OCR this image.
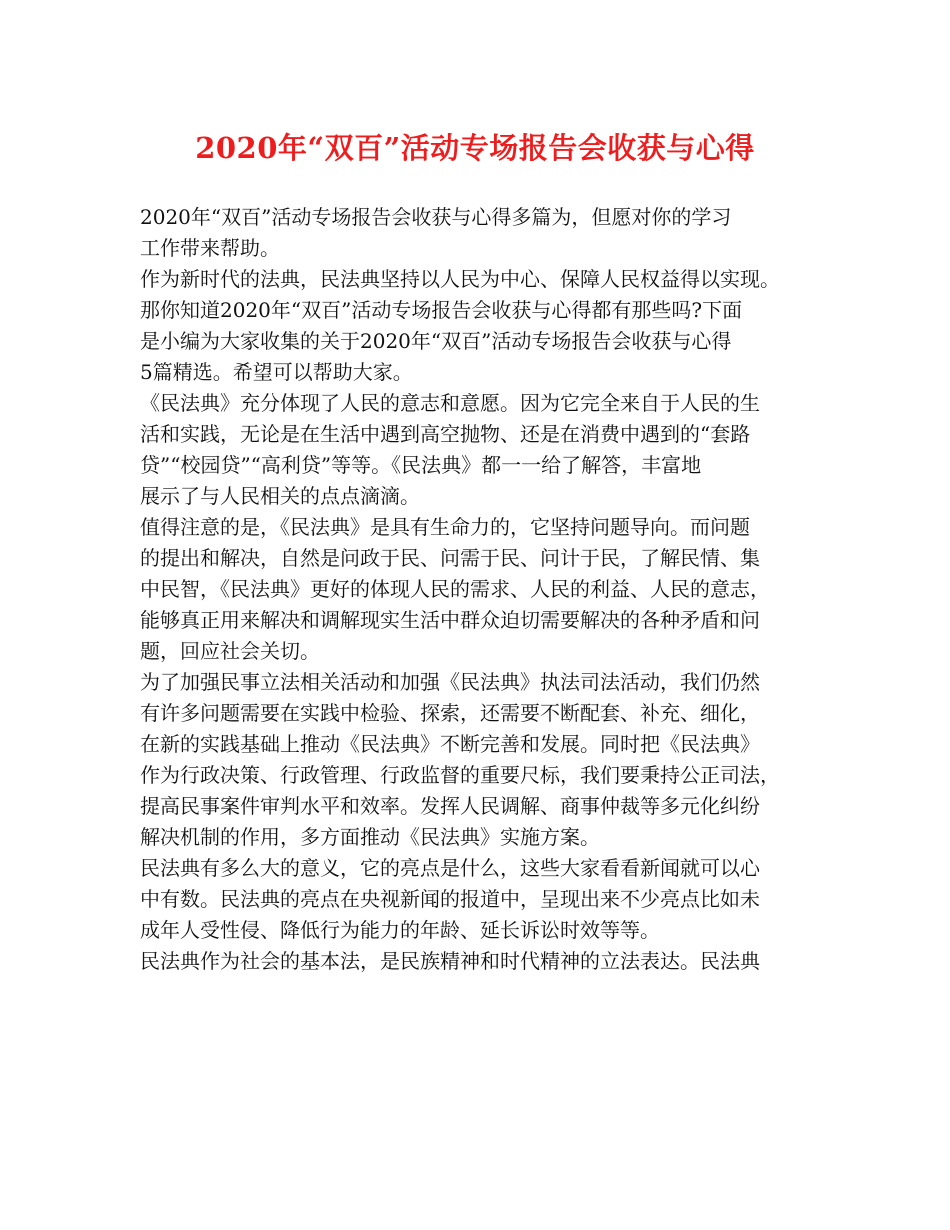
2020年“双百”活动专场报告会收获与心得
2020年“双百”活动专场报告会收获与心得多篇为，但愿对你的学习
工作带来帮助。
作为新时代的法典，民法典坚持以人民为中心、保障人民权益得以实现。
那你知道2020年“双百”活动专场报告会收获与心得都有那些吗?下面
是小编为大家收集的关于2020年“双百”活动专场报告会收获与心得
5篇精选。希望可以帮助大家。
《民法典》充分体现了人民的意志和意愿。因为它完全来自于人民的生
活和实践，无论是在生活中遇到高空抛物、还是在消费中遇到的“套路
贷”“校园贷”“高利贷”等等。《民法典》都一一给了解答，丰富地
展示了与人民相关的点点滴滴。
值得注意的是，《民法典》是具有生命力的，它坚持问题导向。而问题
的提出和解决，自然是问政于民、问需于民、问计于民，了解民情、集
中民智，《民法典》更好的体现人民的需求、人民的利益、人民的意志，
能够真正用来解决和调解现实生活中群众迫切需要解决的各种矛盾和问
题，回应社会关切。
为了加强民事立法相关活动和加强《民法典》执法司法活动，我们仍然
有许多问题需要在实践中检验、探索，还需要不断配套、补充、细化，
在新的实践基础上推动《民法典》不断完善和发展。同时把《民法典》
作为行政决策、行政管理、行政监督的重要尺标，我们要秉持公正司法，
提高民事案件审判水平和效率。发挥人民调解、商事仲裁等多元化纠纷
解决机制的作用，多方面推动《民法典》实施方案。
民法典有多么大的意义，它的亮点是什么，这些大家看看新闻就可以心
中有数。民法典的亮点在央视新闻的报道中，呈现出来不少亮点比如未
成年人受性侵、降低行为能力的年龄、延长诉讼时效等等。
民法典作为社会的基本法，是民族精神和时代精神的立法表达。民法典
